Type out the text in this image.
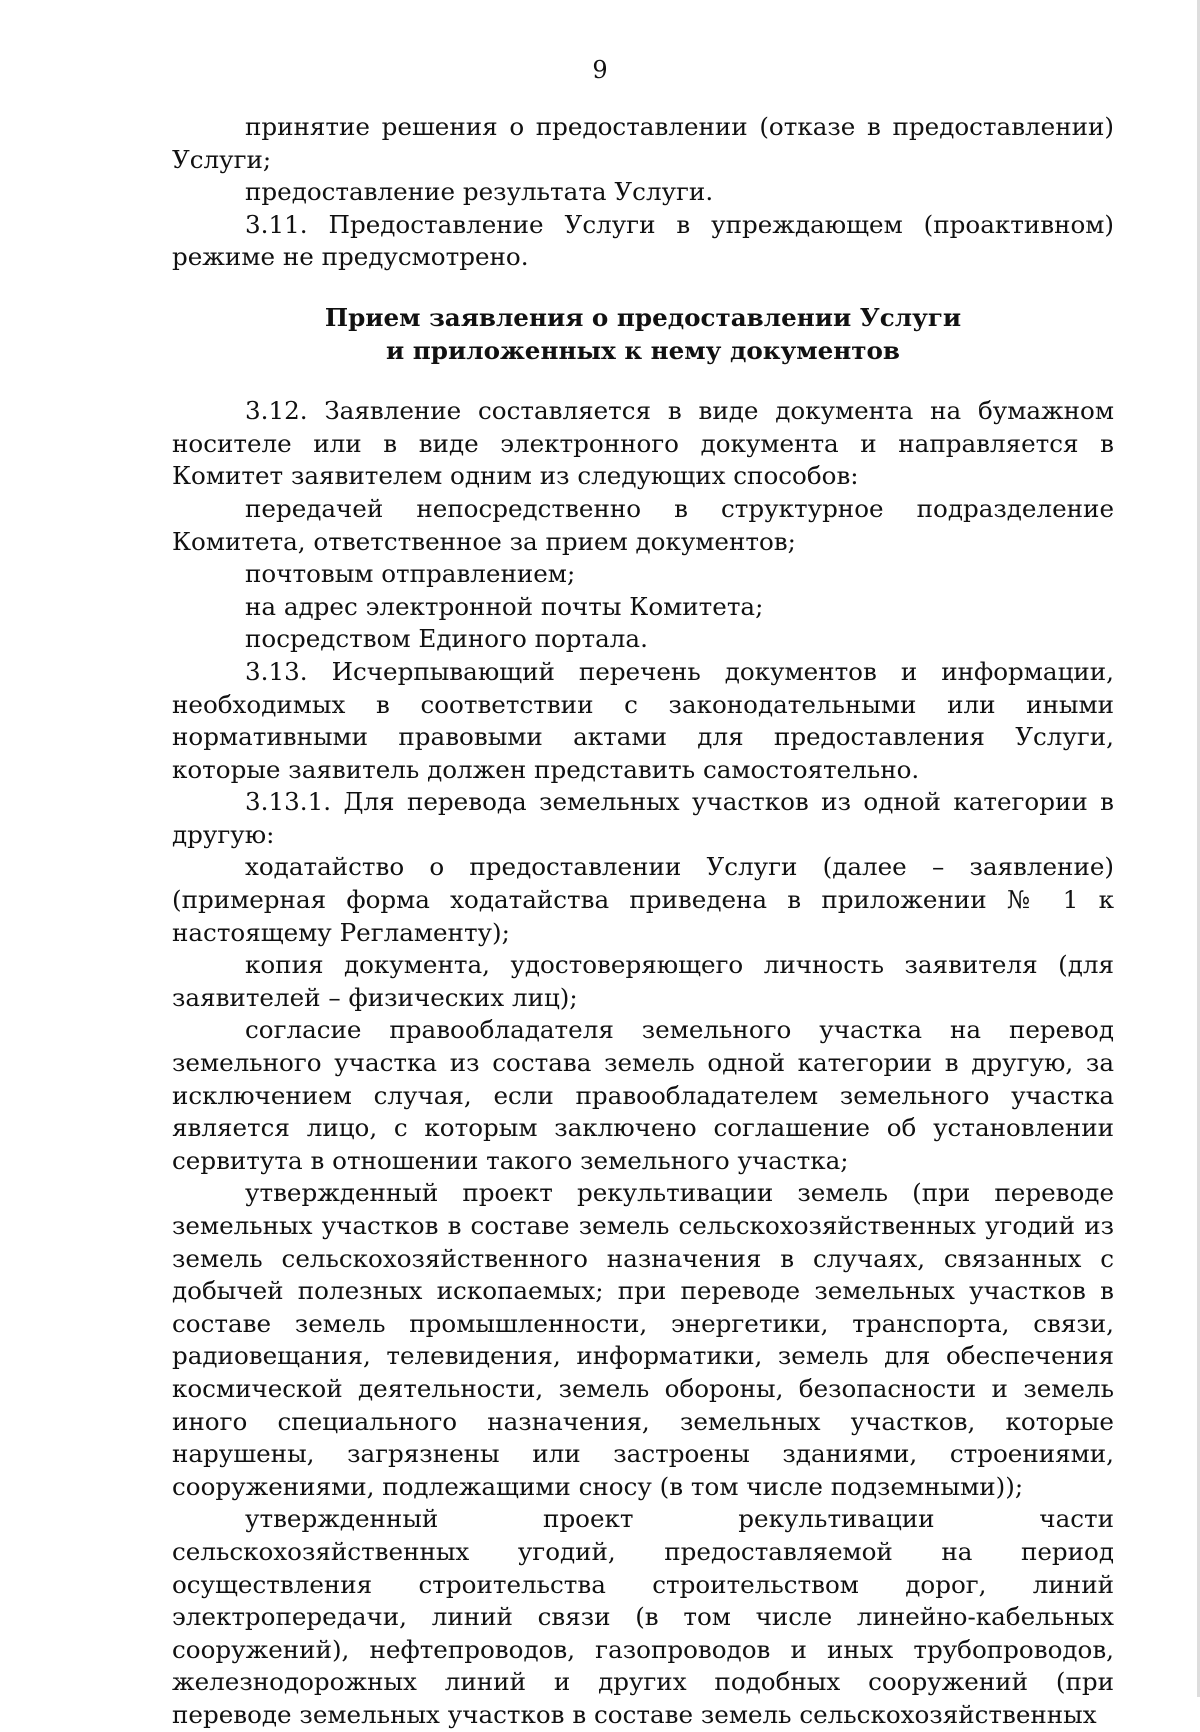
9

принятие решения о предоставлении (отказе в предоставлении) Услуги;

предоставление результата Услуги.

3.11. Предоставление Услуги в упреждающем (проактивном) режиме не предусмотрено.

Прием заявления о предоставлении Услуги
и приложенных к нему документов

3.12. Заявление составляется в виде документа на бумажном носителе или в виде электронного документа и направляется в Комитет заявителем одним из следующих способов:

передачей непосредственно в структурное подразделение Комитета, ответственное за прием документов;

почтовым отправлением;

на адрес электронной почты Комитета;

посредством Единого портала.

3.13. Исчерпывающий перечень документов и информации, необходимых в соответствии с законодательными или иными нормативными правовыми актами для предоставления Услуги, которые заявитель должен представить самостоятельно.

3.13.1. Для перевода земельных участков из одной категории в другую:

ходатайство о предоставлении Услуги (далее – заявление) (примерная форма ходатайства приведена в приложении № 1 к настоящему Регламенту);

копия документа, удостоверяющего личность заявителя (для заявителей – физических лиц);

согласие правообладателя земельного участка на перевод земельного участка из состава земель одной категории в другую, за исключением случая, если правообладателем земельного участка является лицо, с которым заключено соглашение об установлении сервитута в отношении такого земельного участка;

утвержденный проект рекультивации земель (при переводе земельных участков в составе земель сельскохозяйственных угодий из земель сельскохозяйственного назначения в случаях, связанных с добычей полезных ископаемых; при переводе земельных участков в составе земель промышленности, энергетики, транспорта, связи, радиовещания, телевидения, информатики, земель для обеспечения космической деятельности, земель обороны, безопасности и земель иного специального назначения, земельных участков, которые нарушены, загрязнены или застроены зданиями, строениями, сооружениями, подлежащими сносу (в том числе подземными));

утвержденный проект рекультивации части сельскохозяйственных угодий, предоставляемой на период осуществления строительства строительством дорог, линий электропередачи, линий связи (в том числе линейно-кабельных сооружений), нефтепроводов, газопроводов и иных трубопроводов, железнодорожных линий и других подобных сооружений (при переводе земельных участков в составе земель сельскохозяйственных
